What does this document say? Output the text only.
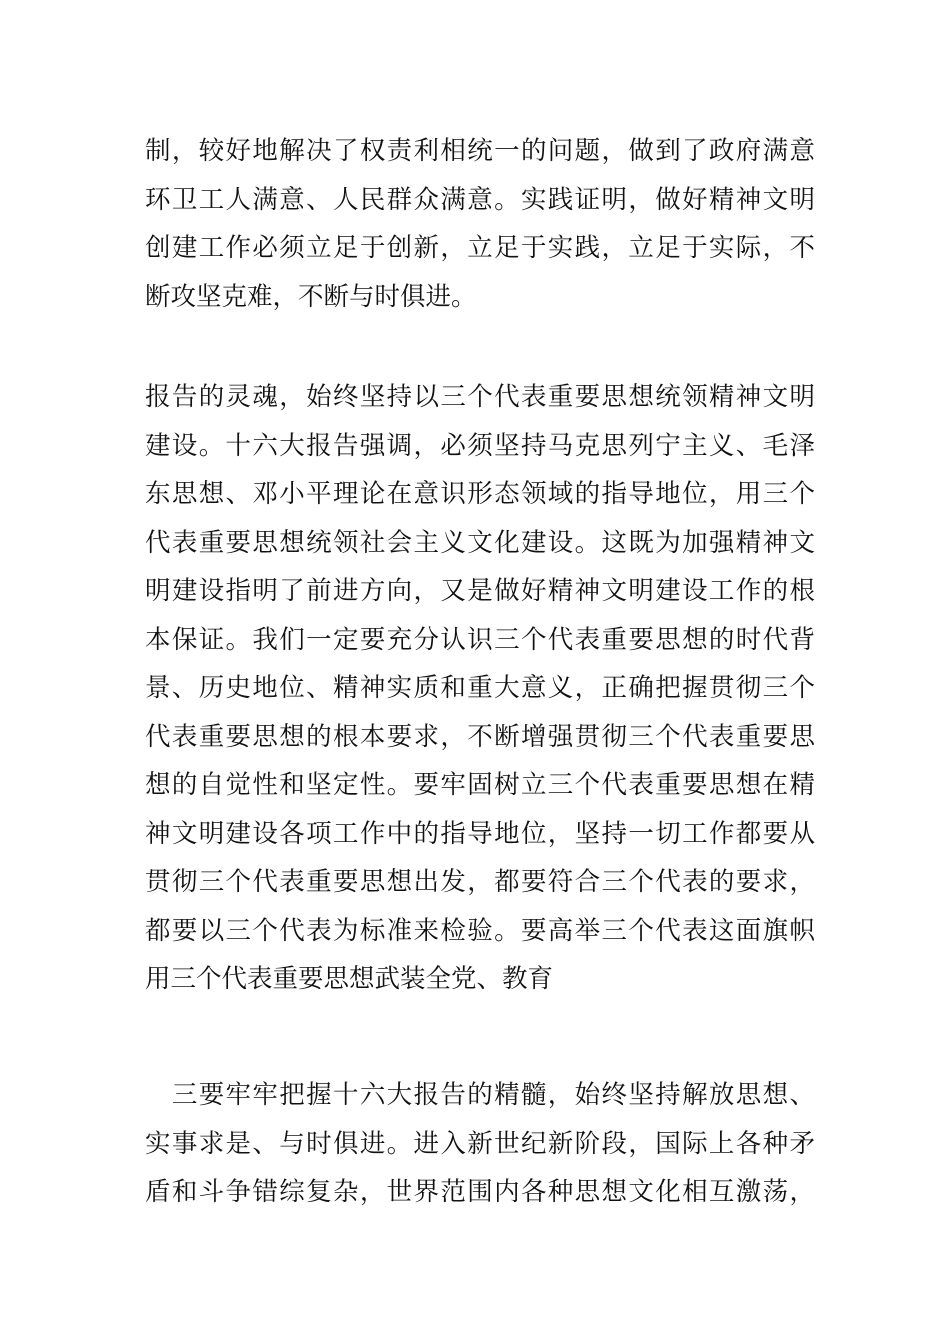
制，较好地解决了权责利相统一的问题，做到了政府满意
环卫工人满意、人民群众满意。实践证明，做好精神文明
创建工作必须立足于创新，立足于实践，立足于实际，不
断攻坚克难，不断与时俱进。
报告的灵魂，始终坚持以三个代表重要思想统领精神文明
建设。十六大报告强调，必须坚持马克思列宁主义、毛泽
东思想、邓小平理论在意识形态领域的指导地位，用三个
代表重要思想统领社会主义文化建设。这既为加强精神文
明建设指明了前进方向，又是做好精神文明建设工作的根
本保证。我们一定要充分认识三个代表重要思想的时代背
景、历史地位、精神实质和重大意义，正确把握贯彻三个
代表重要思想的根本要求，不断增强贯彻三个代表重要思
想的自觉性和坚定性。要牢固树立三个代表重要思想在精
神文明建设各项工作中的指导地位，坚持一切工作都要从
贯彻三个代表重要思想出发，都要符合三个代表的要求，
都要以三个代表为标准来检验。要高举三个代表这面旗帜
用三个代表重要思想武装全党、教育
　三要牢牢把握十六大报告的精髓，始终坚持解放思想、
实事求是、与时俱进。进入新世纪新阶段，国际上各种矛
盾和斗争错综复杂，世界范围内各种思想文化相互激荡，
